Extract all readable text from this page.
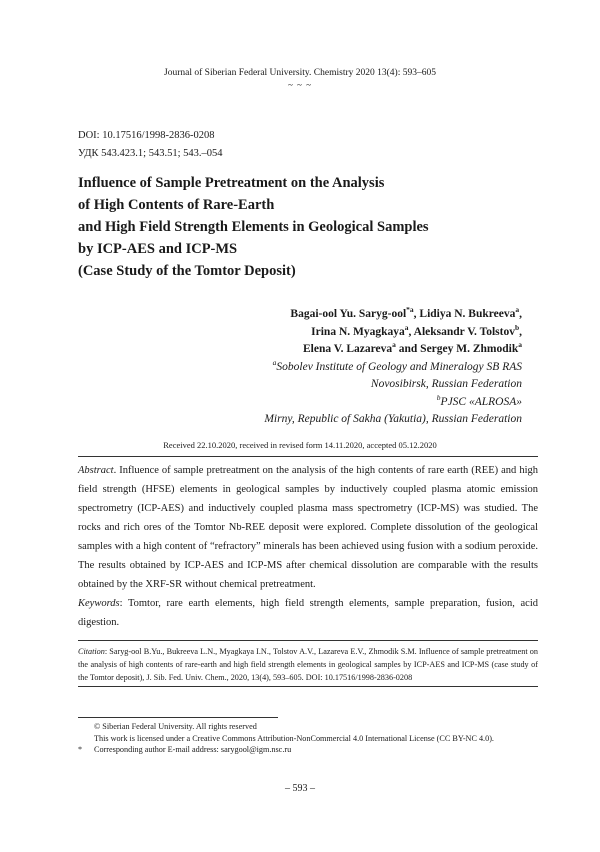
Journal of Siberian Federal University. Chemistry 2020 13(4): 593–605
~ ~ ~
DOI: 10.17516/1998-2836-0208
УДК 543.423.1; 543.51; 543.–054
Influence of Sample Pretreatment on the Analysis
of High Contents of Rare-Earth
and High Field Strength Elements in Geological Samples
by ICP-AES and ICP-MS
(Case Study of the Tomtor Deposit)
Bagai-ool Yu. Saryg-ool$^{*a}$, Lidiya N. Bukreeva$^a$,
Irina N. Myagkaya$^a$, Aleksandr V. Tolstov$^b$,
Elena V. Lazareva$^a$ and Sergey M. Zhmodik$^a$
$^a$Sobolev Institute of Geology and Mineralogy SB RAS
Novosibirsk, Russian Federation
$^b$PJSC «ALROSA»
Mirny, Republic of Sakha (Yakutia), Russian Federation
Received 22.10.2020, received in revised form 14.11.2020, accepted 05.12.2020
Abstract. Influence of sample pretreatment on the analysis of the high contents of rare earth (REE) and high field strength (HFSE) elements in geological samples by inductively coupled plasma atomic emission spectrometry (ICP-AES) and inductively coupled plasma mass spectrometry (ICP-MS) was studied. The rocks and rich ores of the Tomtor Nb-REE deposit were explored. Complete dissolution of the geological samples with a high content of “refractory” minerals has been achieved using fusion with a sodium peroxide. The results obtained by ICP-AES and ICP-MS after chemical dissolution are comparable with the results obtained by the XRF-SR without chemical pretreatment.
Keywords: Tomtor, rare earth elements, high field strength elements, sample preparation, fusion, acid digestion.
Citation: Saryg-ool B.Yu., Bukreeva L.N., Myagkaya I.N., Tolstov A.V., Lazareva E.V., Zhmodik S.M. Influence of sample pretreatment on the analysis of high contents of rare-earth and high field strength elements in geological samples by ICP-AES and ICP-MS (case study of the Tomtor deposit), J. Sib. Fed. Univ. Chem., 2020, 13(4), 593–605. DOI: 10.17516/1998-2836-0208
© Siberian Federal University. All rights reserved
This work is licensed under a Creative Commons Attribution-NonCommercial 4.0 International License (CC BY-NC 4.0).
* Corresponding author E-mail address: sarygool@igm.nsc.ru
– 593 –
